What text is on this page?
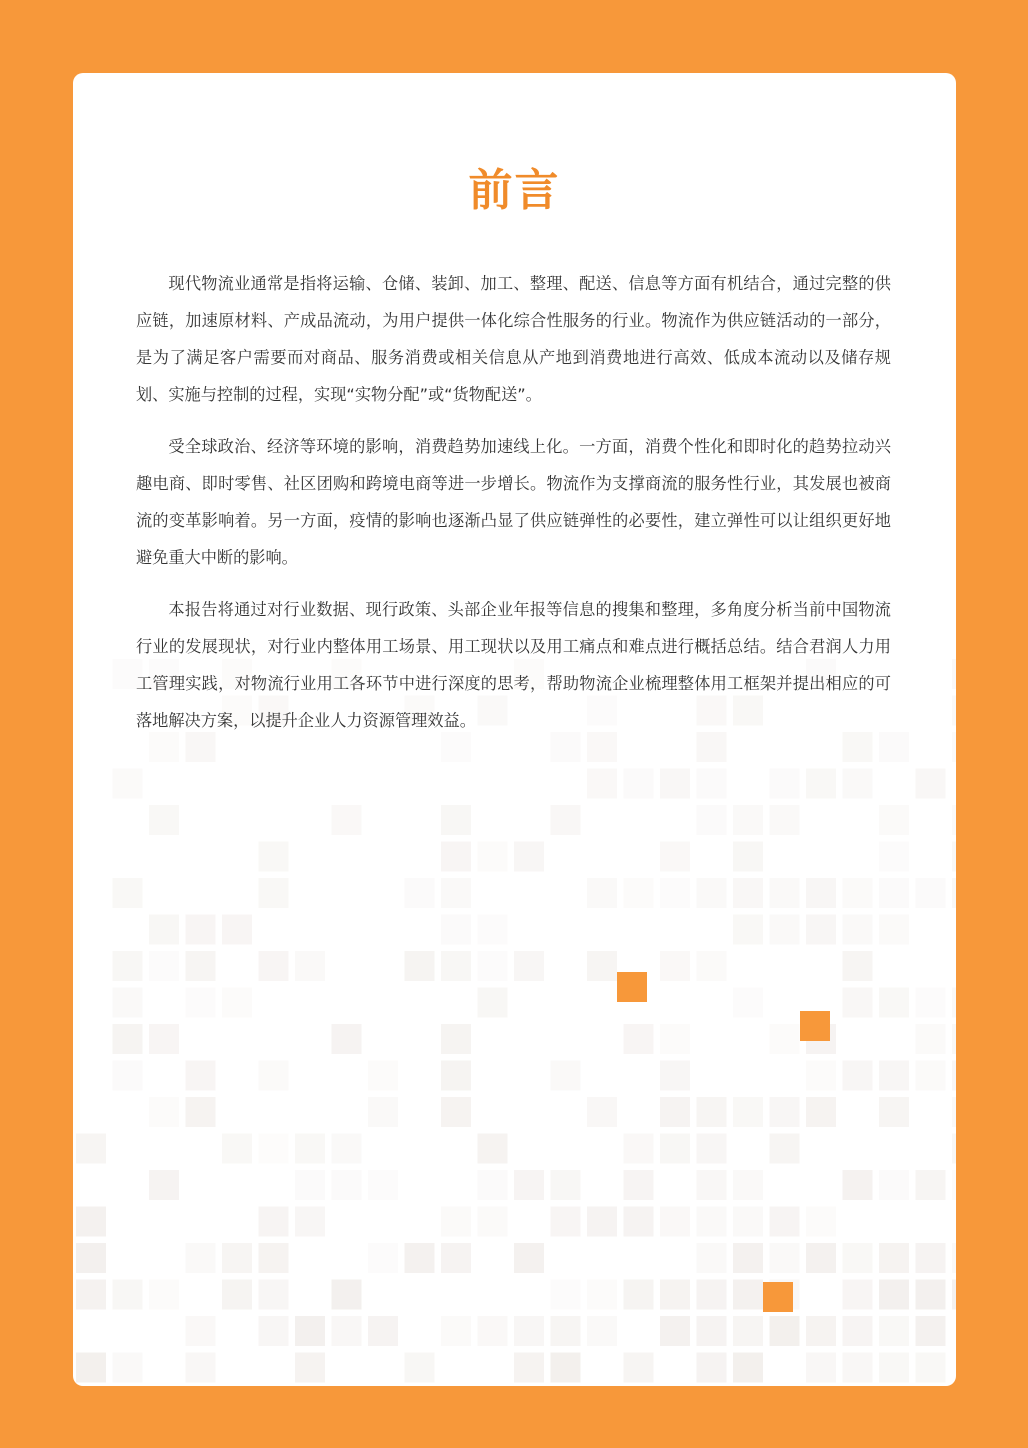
前言

现代物流业通常是指将运输、仓储、装卸、加工、整理、配送、信息等方面有机结合，通过完整的供应链，加速原材料、产成品流动，为用户提供一体化综合性服务的行业。物流作为供应链活动的一部分，是为了满足客户需要而对商品、服务消费或相关信息从产地到消费地进行高效、低成本流动以及储存规划、实施与控制的过程，实现“实物分配”或“货物配送”。

受全球政治、经济等环境的影响，消费趋势加速线上化。一方面，消费个性化和即时化的趋势拉动兴趣电商、即时零售、社区团购和跨境电商等进一步增长。物流作为支撑商流的服务性行业，其发展也被商流的变革影响着。另一方面，疫情的影响也逐渐凸显了供应链弹性的必要性，建立弹性可以让组织更好地避免重大中断的影响。

本报告将通过对行业数据、现行政策、头部企业年报等信息的搜集和整理，多角度分析当前中国物流行业的发展现状，对行业内整体用工场景、用工现状以及用工痛点和难点进行概括总结。结合君润人力用工管理实践，对物流行业用工各环节中进行深度的思考，帮助物流企业梳理整体用工框架并提出相应的可落地解决方案，以提升企业人力资源管理效益。
